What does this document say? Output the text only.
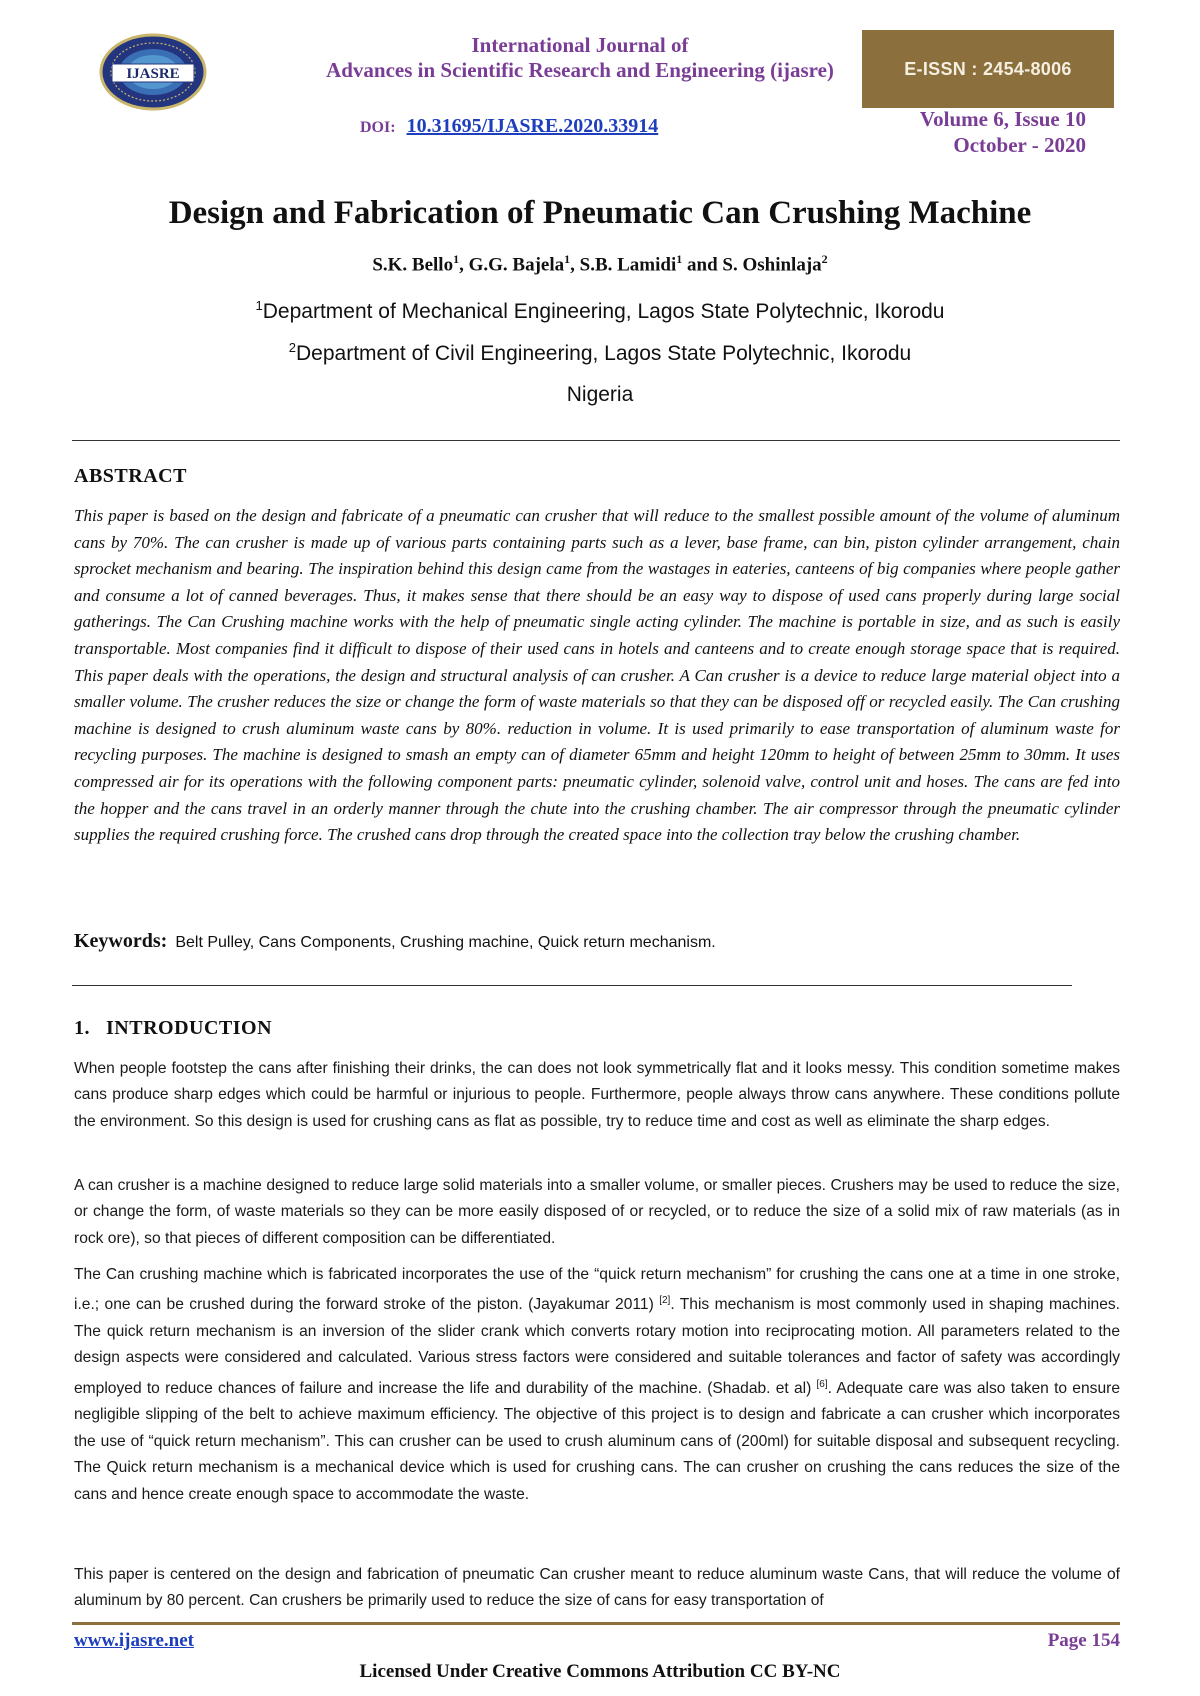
IJASRE
International Journal of
Advances in Scientific Research and Engineering (ijasre)	E-ISSN : 2454-8006
DOI: 10.31695/IJASRE.2020.33914	Volume 6, Issue 10
October - 2020
Design and Fabrication of Pneumatic Can Crushing Machine
S.K. Bello$^1$, G.G. Bajela$^1$, S.B. Lamidi$^1$ and S. Oshinlaja$^2$
$^1$Department of Mechanical Engineering, Lagos State Polytechnic, Ikorodu
$^2$Department of Civil Engineering, Lagos State Polytechnic, Ikorodu
Nigeria
ABSTRACT
This paper is based on the design and fabricate of a pneumatic can crusher that will reduce to the smallest possible amount of the volume of aluminum cans by 70%. The can crusher is made up of various parts containing parts such as a lever, base frame, can bin, piston cylinder arrangement, chain sprocket mechanism and bearing. The inspiration behind this design came from the wastages in eateries, canteens of big companies where people gather and consume a lot of canned beverages. Thus, it makes sense that there should be an easy way to dispose of used cans properly during large social gatherings. The Can Crushing machine works with the help of pneumatic single acting cylinder. The machine is portable in size, and as such is easily transportable. Most companies find it difficult to dispose of their used cans in hotels and canteens and to create enough storage space that is required. This paper deals with the operations, the design and structural analysis of can crusher. A Can crusher is a device to reduce large material object into a smaller volume. The crusher reduces the size or change the form of waste materials so that they can be disposed off or recycled easily. The Can crushing machine is designed to crush aluminum waste cans by 80%. reduction in volume. It is used primarily to ease transportation of aluminum waste for recycling purposes. The machine is designed to smash an empty can of diameter 65mm and height 120mm to height of between 25mm to 30mm. It uses compressed air for its operations with the following component parts: pneumatic cylinder, solenoid valve, control unit and hoses. The cans are fed into the hopper and the cans travel in an orderly manner through the chute into the crushing chamber. The air compressor through the pneumatic cylinder supplies the required crushing force. The crushed cans drop through the created space into the collection tray below the crushing chamber.
Keywords: Belt Pulley, Cans Components, Crushing machine, Quick return mechanism.
1. INTRODUCTION
When people footstep the cans after finishing their drinks, the can does not look symmetrically flat and it looks messy. This condition sometime makes cans produce sharp edges which could be harmful or injurious to people. Furthermore, people always throw cans anywhere. These conditions pollute the environment. So this design is used for crushing cans as flat as possible, try to reduce time and cost as well as eliminate the sharp edges.
A can crusher is a machine designed to reduce large solid materials into a smaller volume, or smaller pieces. Crushers may be used to reduce the size, or change the form, of waste materials so they can be more easily disposed of or recycled, or to reduce the size of a solid mix of raw materials (as in rock ore), so that pieces of different composition can be differentiated.
The Can crushing machine which is fabricated incorporates the use of the “quick return mechanism” for crushing the cans one at a time in one stroke, i.e.; one can be crushed during the forward stroke of the piston. (Jayakumar 2011) [2]. This mechanism is most commonly used in shaping machines. The quick return mechanism is an inversion of the slider crank which converts rotary motion into reciprocating motion. All parameters related to the design aspects were considered and calculated. Various stress factors were considered and suitable tolerances and factor of safety was accordingly employed to reduce chances of failure and increase the life and durability of the machine. (Shadab. et al) [6]. Adequate care was also taken to ensure negligible slipping of the belt to achieve maximum efficiency. The objective of this project is to design and fabricate a can crusher which incorporates the use of “quick return mechanism”. This can crusher can be used to crush aluminum cans of (200ml) for suitable disposal and subsequent recycling. The Quick return mechanism is a mechanical device which is used for crushing cans. The can crusher on crushing the cans reduces the size of the cans and hence create enough space to accommodate the waste.
This paper is centered on the design and fabrication of pneumatic Can crusher meant to reduce aluminum waste Cans, that will reduce the volume of aluminum by 80 percent. Can crushers be primarily used to reduce the size of cans for easy transportation of
www.ijasre.net	Page 154
Licensed Under Creative Commons Attribution CC BY-NC
